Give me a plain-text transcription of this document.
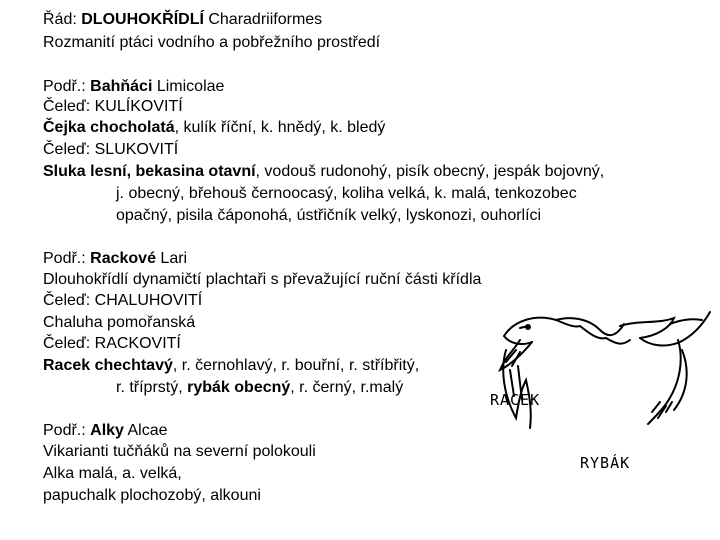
Řád: DLOUHOKŘÍDLÍ Charadriiformes
Rozmanití ptáci vodního a pobřežního prostředí
Podř.: Bahňáci Limicolae
Čeleď: KULÍKOVITÍ
Čejka chocholatá, kulík říční, k. hnědý, k. bledý
Čeleď: SLUKOVITÍ
Sluka lesní, bekasina otavní, vodouš rudonohý, pisík obecný, jespák bojovný,
j. obecný, břehouš černoocasý, koliha velká, k. malá, tenkozobec
opačný, pisila čáponohá, ústřičník velký, lyskonozi, ouhorlíci
Podř.: Rackové Lari
Dlouhokřídlí dynamičtí plachtaři s převažující ruční části křídla
Čeleď: CHALUHOVITÍ
Chaluha pomořanská
Čeleď: RACKOVITÍ
Racek chechtavý, r. černohlavý, r. bouřní, r. stříbřitý,
r. tříprstý, rybák obecný, r. černý, r.malý
Podř.: Alky Alcae
Vikarianti tučňáků na severní polokouli
Alka malá, a. velká,
papuchalk plochozobý, alkouni
RACEK
RYBÁK
